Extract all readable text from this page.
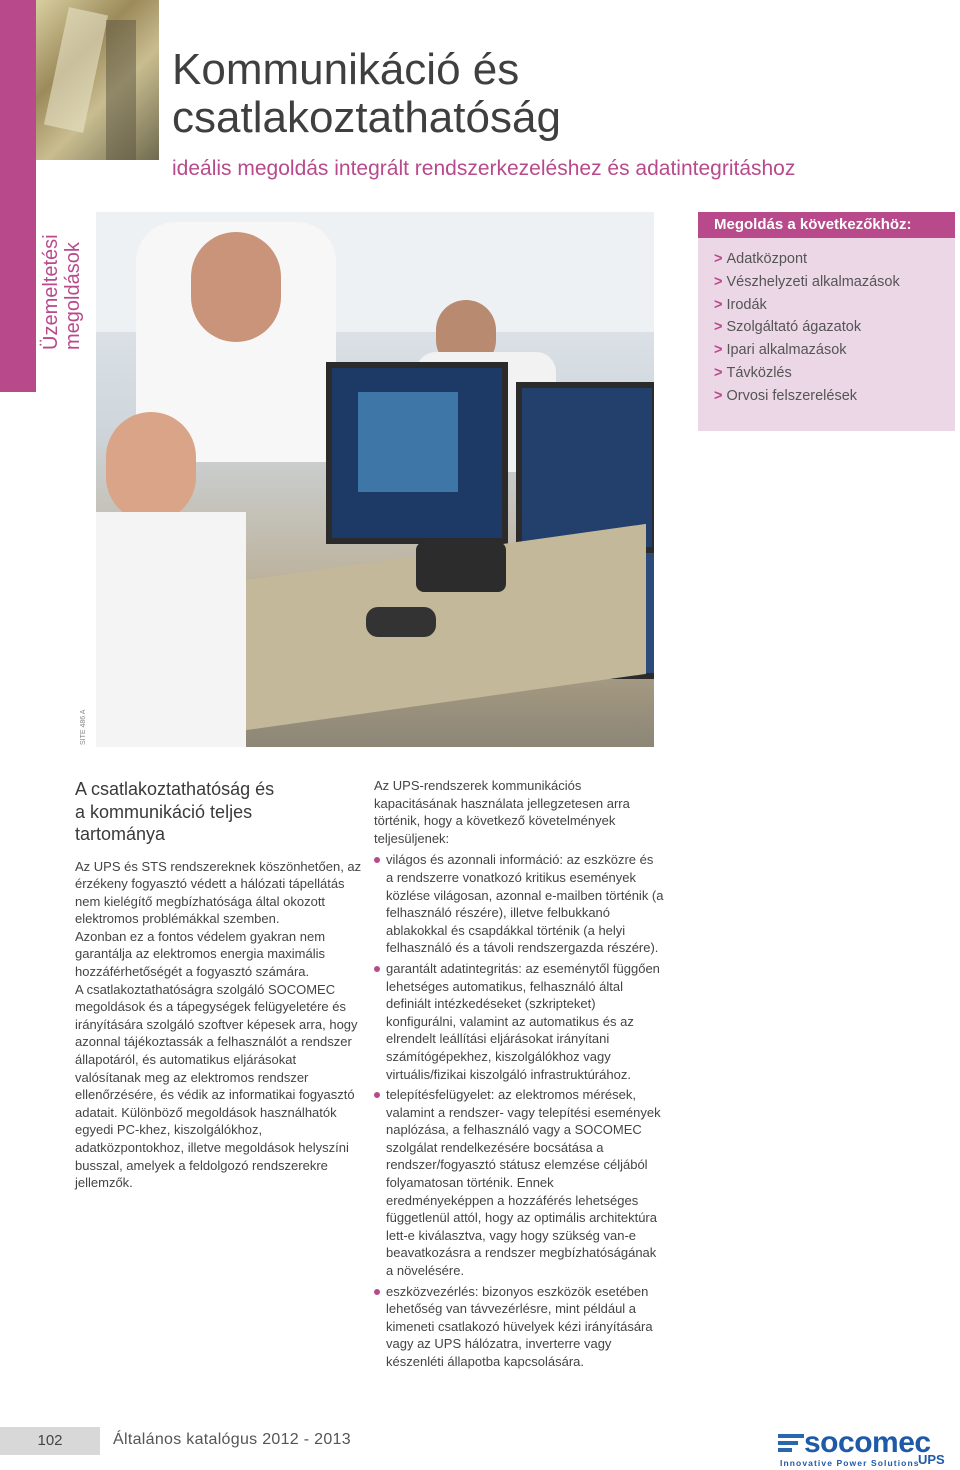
Üzemeltetési megoldások
102	Általános katalógus 2012 - 2013
Kommunikáció és
csatlakoztathatóság
ideális megoldás integrált rendszerkezeléshez és adatintegritáshoz
SITE 486 A
Megoldás a következőkhöz:
> Adatközpont
> Vészhelyzeti alkalmazások
> Irodák
> Szolgáltató ágazatok
> Ipari alkalmazások
> Távközlés
> Orvosi felszerelések
A csatlakoztathatóság és
a kommunikáció teljes
tartománya

Az UPS és STS rendszereknek köszönhetően, az érzékeny fogyasztó védett a hálózati tápellátás nem kielégítő megbízhatósága által okozott elektromos problémákkal szemben.

Azonban ez a fontos védelem gyakran nem garantálja az elektromos energia maximális hozzáférhetőségét a fogyasztó számára.

A csatlakoztathatóságra szolgáló SOCOMEC megoldások és a tápegységek felügyeletére és irányítására szolgáló szoftver képesek arra, hogy azonnal tájékoztassák a felhasználót a rendszer állapotáról, és automatikus eljárásokat valósítanak meg az elektromos rendszer ellenőrzésére, és védik az informatikai fogyasztó adatait. Különböző megoldások használhatók egyedi PC-khez, kiszolgálókhoz, adatközpontokhoz, illetve megoldások helyszíni busszal, amelyek a feldolgozó rendszerekre jellemzők.

Az UPS-rendszerek kommunikációs kapacitásának használata jellegzetesen arra történik, hogy a következő követelmények teljesüljenek:

világos és azonnali információ: az eszközre és a rendszerre vonatkozó kritikus események közlése világosan, azonnal e-mailben történik (a felhasználó részére), illetve felbukkanó ablakokkal és csapdákkal történik (a helyi felhasználó és a távoli rendszergazda részére).
garantált adatintegritás: az eseménytől függően lehetséges automatikus, felhasználó által definiált intézkedéseket (szkripteket) konfigurálni, valamint az automatikus és az elrendelt leállítási eljárásokat irányítani számítógépekhez, kiszolgálókhoz vagy virtuális/fizikai kiszolgáló infrastruktúrához.
telepítésfelügyelet: az elektromos mérések, valamint a rendszer- vagy telepítési események naplózása, a felhasználó vagy a SOCOMEC szolgálat rendelkezésére bocsátása a rendszer/fogyasztó státusz elemzése céljából folyamatosan történik. Ennek eredményeképpen a hozzáférés lehetséges függetlenül attól, hogy az optimális architektúra lett-e kiválasztva, vagy hogy szükség van-e beavatkozásra a rendszer megbízhatóságának a növelésére.
eszközvezérlés: bizonyos eszközök esetében lehetőség van távvezérlésre, mint például a kimeneti csatlakozó hüvelyek kézi irányítására vagy az UPS hálózatra, inverterre vagy készenléti állapotba kapcsolására.
socomec
Innovative Power Solutions
UPS
